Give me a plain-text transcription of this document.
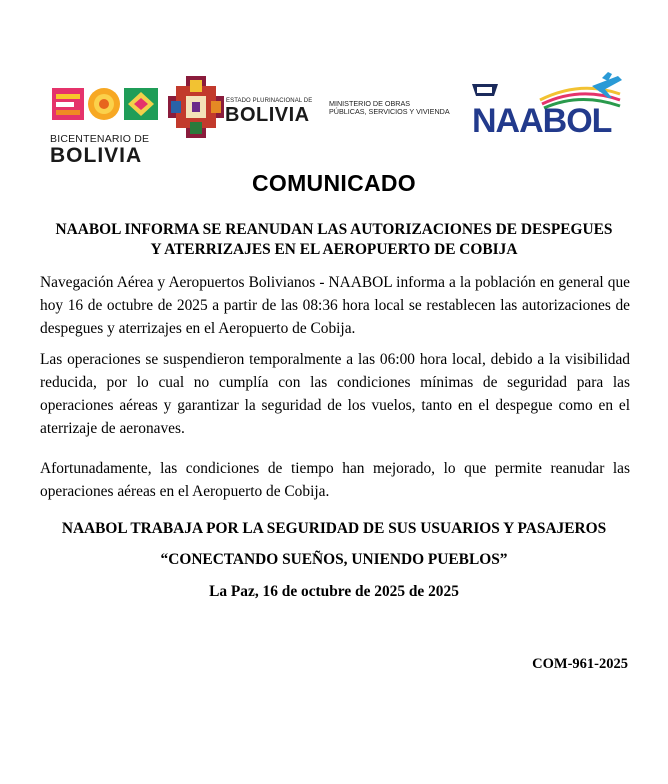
BICENTENARIO DE
BOLIVIA
ESTADO PLURINACIONAL DE
BOLIVIA
MINISTERIO DE OBRAS
PÚBLICAS, SERVICIOS Y VIVIENDA NAABOL
COMUNICADO
NAABOL INFORMA SE REANUDAN LAS AUTORIZACIONES DE DESPEGUES
Y ATERRIZAJES EN EL AEROPUERTO DE COBIJA

Navegación Aérea y Aeropuertos Bolivianos - NAABOL informa a la población en general que hoy 16 de octubre de 2025 a partir de las 08:36 hora local se restablecen las autorizaciones de despegues y aterrizajes en el Aeropuerto de Cobija.

Las operaciones se suspendieron temporalmente a las 06:00 hora local, debido a la visibilidad reducida, por lo cual no cumplía con las condiciones mínimas de seguridad para las operaciones aéreas y garantizar la seguridad de los vuelos, tanto en el despegue como en el aterrizaje de aeronaves.

Afortunadamente, las condiciones de tiempo han mejorado, lo que permite reanudar las operaciones aéreas en el Aeropuerto de Cobija.

NAABOL TRABAJA POR LA SEGURIDAD DE SUS USUARIOS Y PASAJEROS
“CONECTANDO SUEÑOS, UNIENDO PUEBLOS”
La Paz, 16 de octubre de 2025 de 2025
COM-961-2025
